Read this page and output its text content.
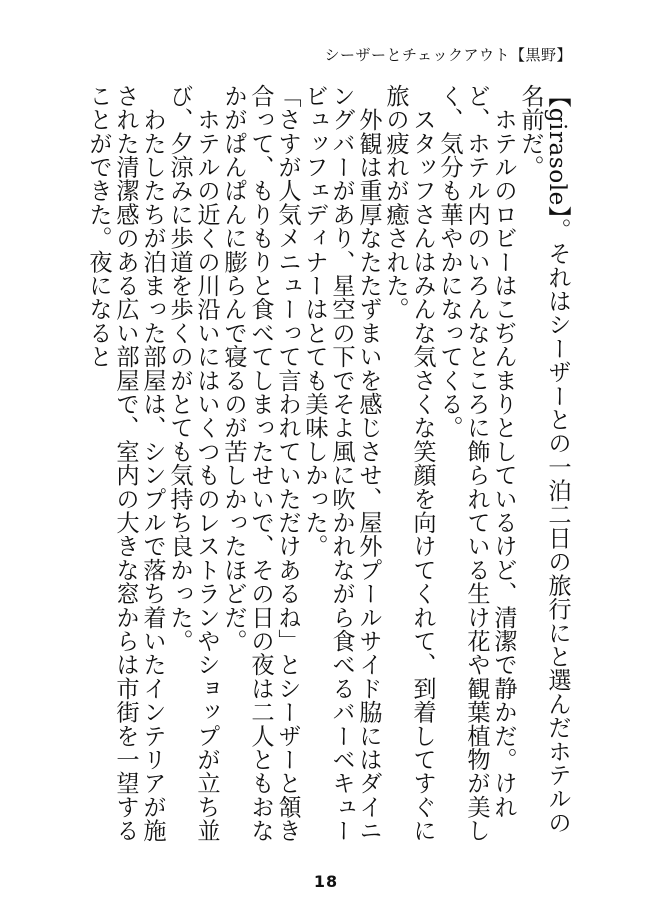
シーザーとチェックアウト【黒野】

【girasole】。それはシーザーとの一泊二日の旅行にと選んだホテルの名前だ。

　ホテルのロビーはこぢんまりとしているけど、清潔で静かだ。けれど、ホテル内のいろんなところに飾られている生け花や観葉植物が美しく、気分も華やかになってくる。

　スタッフさんはみんな気さくな笑顔を向けてくれて、到着してすぐに旅の疲れが癒された。

　外観は重厚なたたずまいを感じさせ、屋外プールサイド脇にはダイニングバーがあり、星空の下でそよ風に吹かれながら食べるバーベキュービュッフェディナーはとても美味しかった。

「さすが人気メニューって言われていただけあるね」とシーザーと頷き合って、もりもりと食べてしまったせいで、その日の夜は二人ともおなかがぱんぱんに膨らんで寝るのが苦しかったほどだ。

　ホテルの近くの川沿いにはいくつものレストランやショップが立ち並び、夕涼みに歩道を歩くのがとても気持ち良かった。

　わたしたちが泊まった部屋は、シンプルで落ち着いたインテリアが施された清潔感のある広い部屋で、室内の大きな窓からは市街を一望することができた。夜になると

18
